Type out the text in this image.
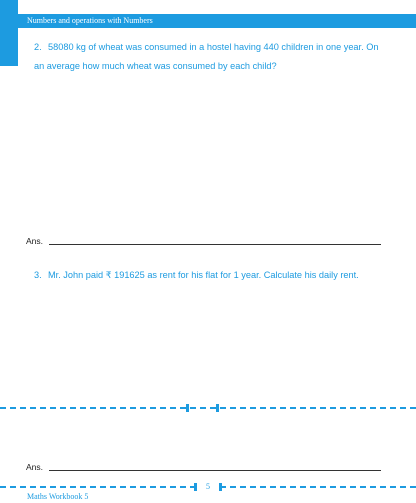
Numbers and operations with Numbers
2. 58080 kg of wheat was consumed in a hostel having 440 children in one year. On an average how much wheat was consumed by each child?
Ans.
3. Mr. John paid ₹ 191625 as rent for his flat for 1 year. Calculate his daily rent.
Ans.
5
Maths Workbook 5
